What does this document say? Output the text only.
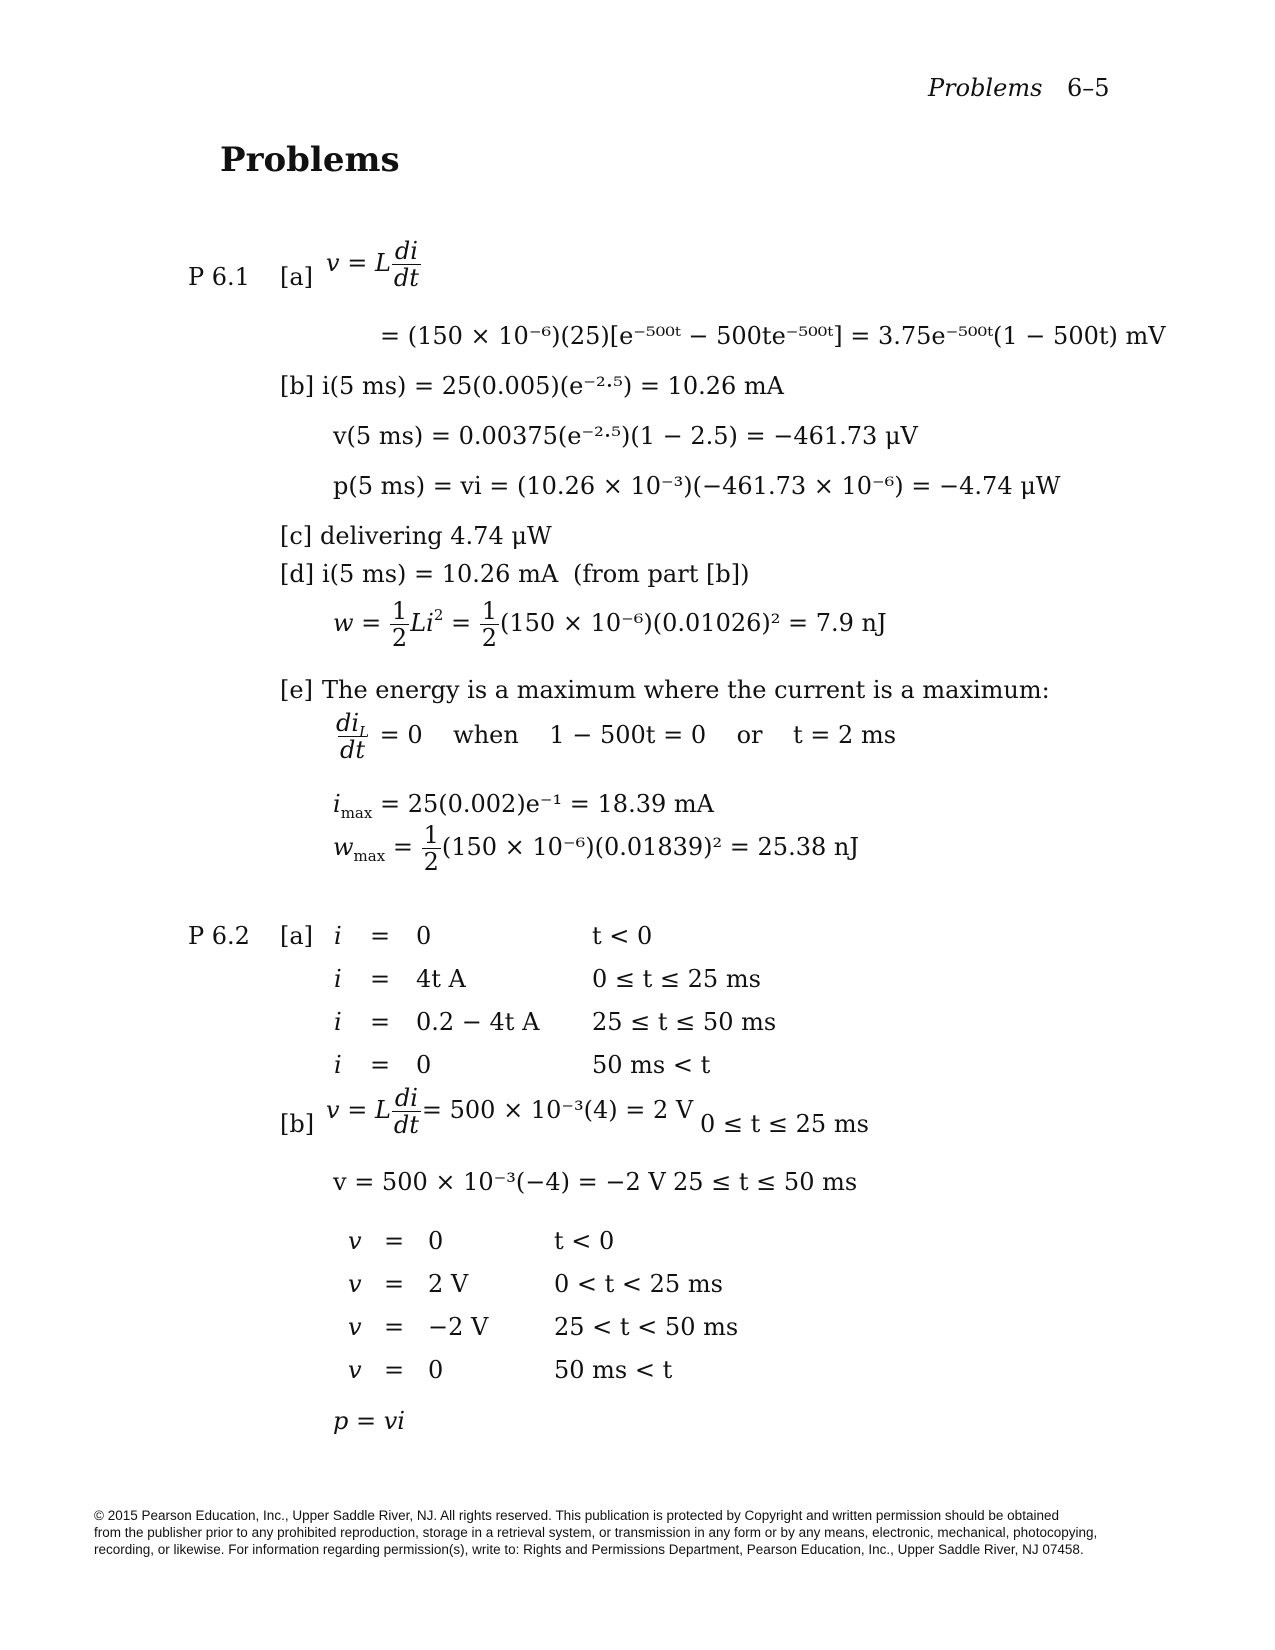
Problems 6–5
Problems
P 6.1 [a] v = L $\frac{di}{dt}$
= (150 × 10⁻⁶)(25)[e⁻⁵⁰⁰ᵗ − 500te⁻⁵⁰⁰ᵗ] = 3.75e⁻⁵⁰⁰ᵗ(1 − 500t) mV
[b] i(5 ms) = 25(0.005)(e⁻²·⁵) = 10.26 mA
v(5 ms) = 0.00375(e⁻²·⁵)(1 − 2.5) = −461.73 μV
p(5 ms) = vi = (10.26 × 10⁻³)(−461.73 × 10⁻⁶) = −4.74 μW
[c] delivering 4.74 μW
[d] i(5 ms) = 10.26 mA (from part [b])
$w = \frac{1}{2} Li^2 = \frac{1}{2} (150 \times 10^{-6})(0.01026)^2 = 7.9$ nJ
[e] The energy is a maximum where the current is a maximum:
$\frac{di_L}{dt} = 0$    when    1 − 500t = 0    or    t = 2 ms
$i_{max} = 25(0.002)e^{-1} = 18.39$ mA
$w_{max} = \frac{1}{2} (150 \times 10^{-6})(0.01839)^2 = 25.38$ nJ
P 6.2 [a] i	=	0	t < 0
i	=	4t A	0 ≤ t ≤ 25 ms
i	=	0.2 − 4t A	25 ≤ t ≤ 50 ms
i	=	0	50 ms < t
[b] v = L $\frac{di}{dt} = 500 \times 10^{-3}(4) = 2$ V 0 ≤ t ≤ 25 ms
v = 500 × 10⁻³(−4) = −2 V 25 ≤ t ≤ 50 ms
v = 0	t < 0
v = 2 V	0 < t < 25 ms
v = −2 V	25 < t < 50 ms
v = 0	50 ms < t
p = vi
© 2015 Pearson Education, Inc., Upper Saddle River, NJ. All rights reserved. This publication is protected by Copyright and written permission should be obtained
from the publisher prior to any prohibited reproduction, storage in a retrieval system, or transmission in any form or by any means, electronic, mechanical, photocopying,
recording, or likewise. For information regarding permission(s), write to: Rights and Permissions Department, Pearson Education, Inc., Upper Saddle River, NJ 07458.
